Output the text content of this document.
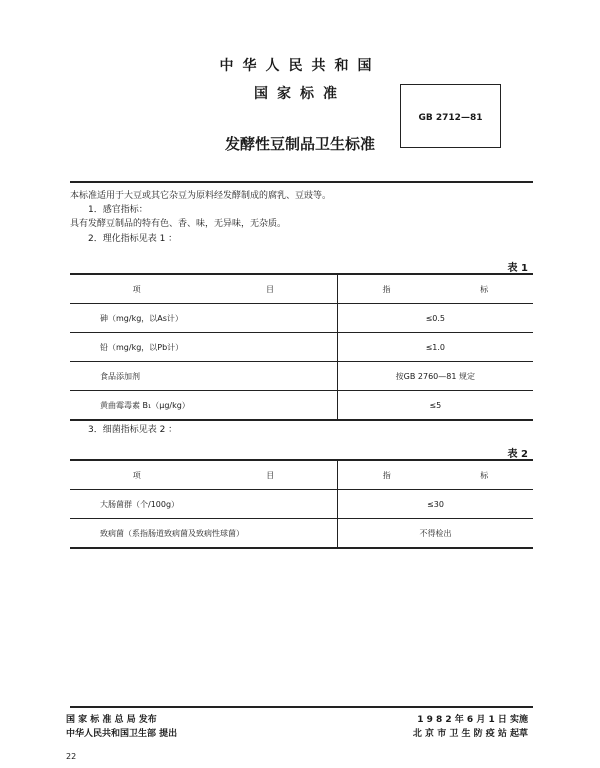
中华人民共和国
国家标准
GB 2712—81
发酵性豆制品卫生标准
本标准适用于大豆或其它杂豆为原料经发酵制成的腐乳、豆豉等。
1．感官指标：
具有发酵豆制品的特有色、香、味，无异味，无杂质。
2．理化指标见表 1 ：
表 1
项 目	指 标

砷（mg/kg，以As计）	≤0.5
铅（mg/kg，以Pb计）	≤1.0
食品添加剂	按GB 2760—81 规定
黄曲霉毒素 B₁（μg/kg）	≤5
3．细菌指标见表 2 ：
表 2
项 目	指 标

大肠菌群（个/100g）	≤30
致病菌（系指肠道致病菌及致病性球菌）	不得检出
国 家 标 准 总 局 发布
中华人民共和国卫生部 提出
1 9 8 2 年 6 月 1 日 实施
北 京 市 卫 生 防 疫 站 起草
22
